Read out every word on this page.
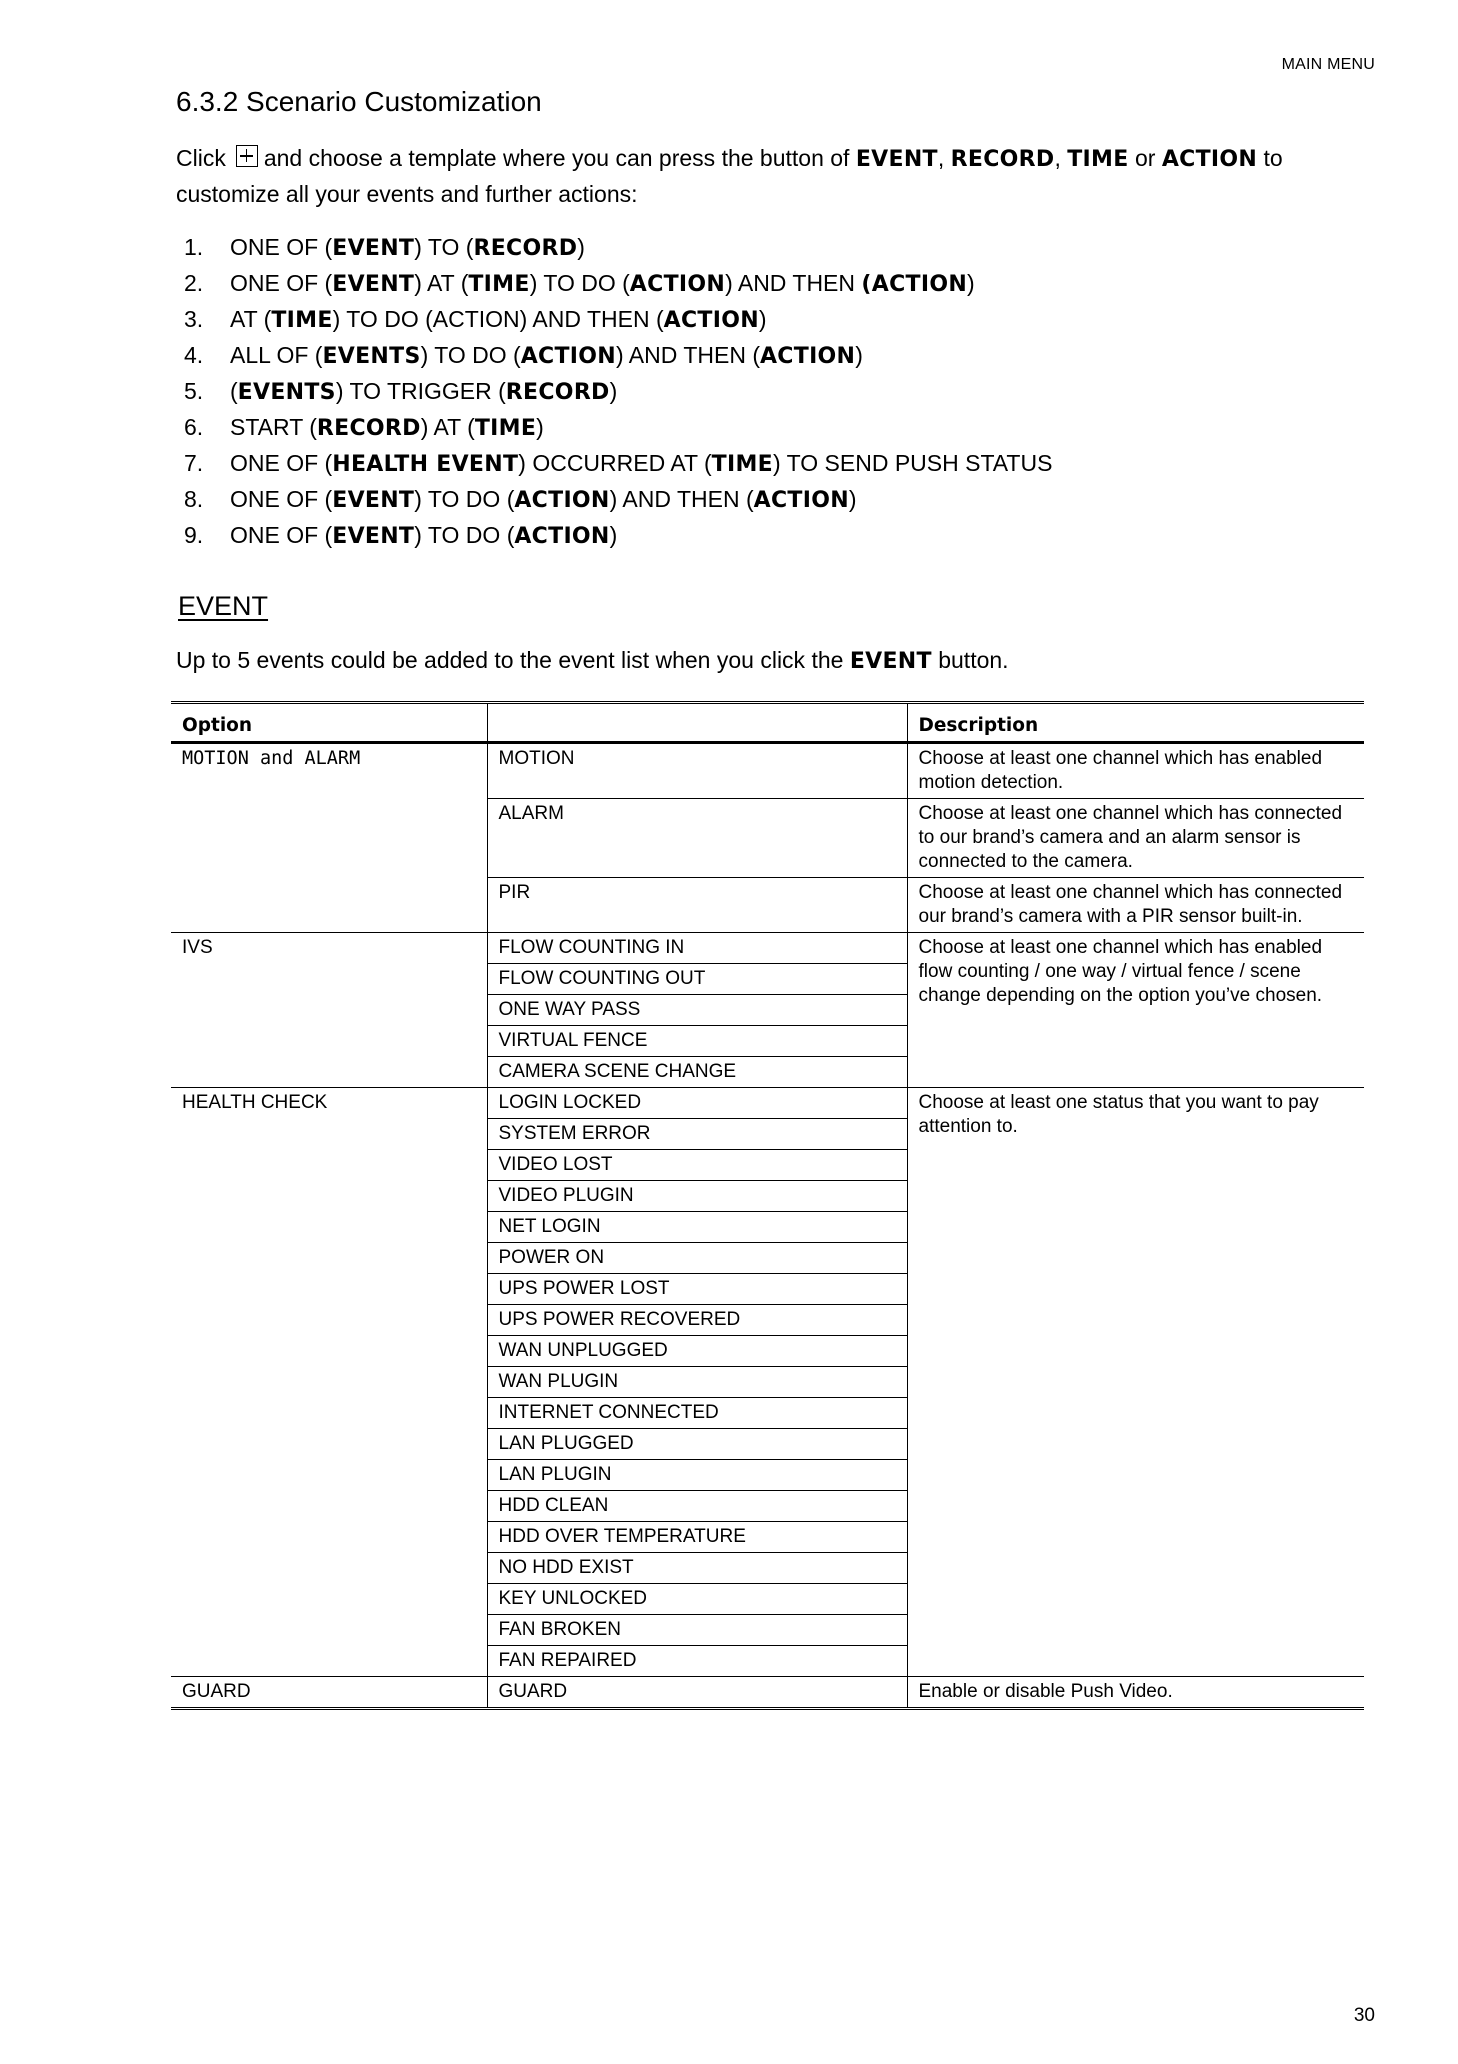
MAIN MENU
6.3.2 Scenario Customization

Click and choose a template where you can press the button of EVENT, RECORD, TIME or ACTION to customize all your events and further actions:

1. ONE OF (EVENT) TO (RECORD)
2. ONE OF (EVENT) AT (TIME) TO DO (ACTION) AND THEN (ACTION)
3. AT (TIME) TO DO (ACTION) AND THEN (ACTION)
4. ALL OF (EVENTS) TO DO (ACTION) AND THEN (ACTION)
5. (EVENTS) TO TRIGGER (RECORD)
6. START (RECORD) AT (TIME)
7. ONE OF (HEALTH EVENT) OCCURRED AT (TIME) TO SEND PUSH STATUS
8. ONE OF (EVENT) TO DO (ACTION) AND THEN (ACTION)
9. ONE OF (EVENT) TO DO (ACTION)
EVENT

Up to 5 events could be added to the event list when you click the EVENT button.

Option		Description
MOTION and ALARM	MOTION	Choose at least one channel which has enabled motion detection.
	ALARM	Choose at least one channel which has connected to our brand’s camera and an alarm sensor is connected to the camera.
	PIR	Choose at least one channel which has connected our brand’s camera with a PIR sensor built-in.
IVS	FLOW COUNTING IN	Choose at least one channel which has enabled flow counting / one way / virtual fence / scene change depending on the option you’ve chosen.
	FLOW COUNTING OUT	
	ONE WAY PASS	
	VIRTUAL FENCE	
	CAMERA SCENE CHANGE	
HEALTH CHECK	LOGIN LOCKED	Choose at least one status that you want to pay attention to.
	SYSTEM ERROR	
	VIDEO LOST	
	VIDEO PLUGIN	
	NET LOGIN	
	POWER ON	
	UPS POWER LOST	
	UPS POWER RECOVERED	
	WAN UNPLUGGED	
	WAN PLUGIN	
	INTERNET CONNECTED	
	LAN PLUGGED	
	LAN PLUGIN	
	HDD CLEAN	
	HDD OVER TEMPERATURE	
	NO HDD EXIST	
	KEY UNLOCKED	
	FAN BROKEN	
	FAN REPAIRED	
GUARD	GUARD	Enable or disable Push Video.
30
